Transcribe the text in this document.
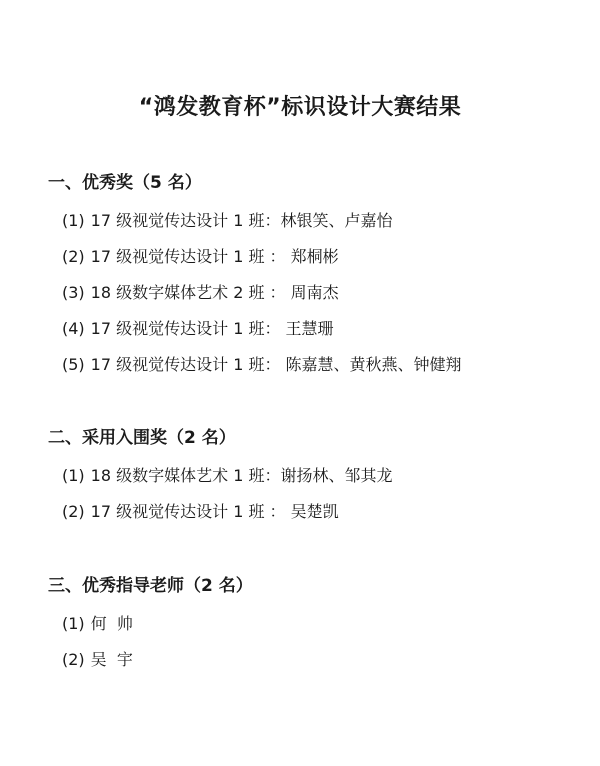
“鸿发教育杯”标识设计大赛结果
一、优秀奖（5 名）
(1) 17 级视觉传达设计 1 班：林银笑、卢嘉怡
(2) 17 级视觉传达设计 1 班 ： 郑桐彬
(3) 18 级数字媒体艺术 2 班 ： 周南杰
(4) 17 级视觉传达设计 1 班： 王慧珊
(5) 17 级视觉传达设计 1 班： 陈嘉慧、黄秋燕、钟健翔
二、采用入围奖（2 名）
(1) 18 级数字媒体艺术 1 班：谢扬林、邹其龙
(2) 17 级视觉传达设计 1 班 ： 吴楚凯
三、优秀指导老师（2 名）
(1) 何  帅
(2) 吴  宇
